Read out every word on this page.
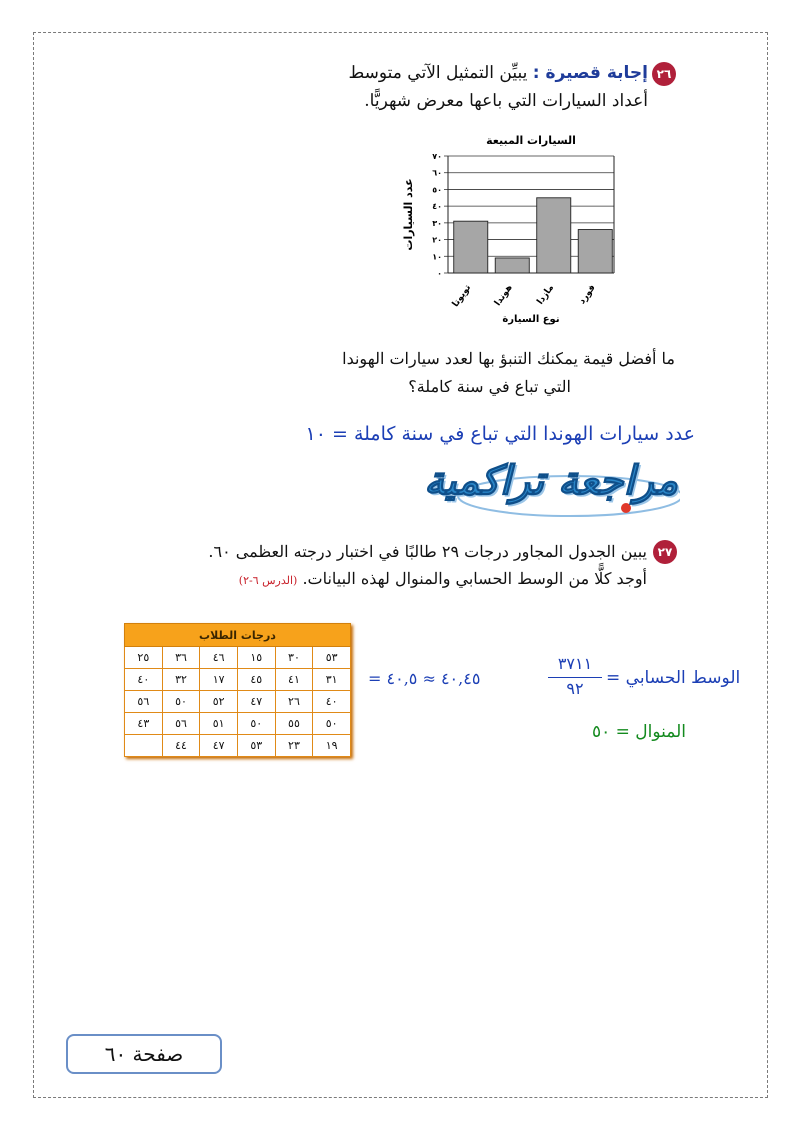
٢٦
إجابة قصيرة : يبيِّن التمثيل الآتي متوسط
أعداد السيارات التي باعها معرض شهريًّا.
السيارات المبيعة
٠
١٠
٢٠
٣٠
٤٠
٥٠
٦٠
٧٠
تويوتا هوندا مازدا فورد
نوع السيارة
عدد السيارات
ما أفضل قيمة يمكنك التنبؤ بها لعدد سيارات الهوندا
التي تباع في سنة كاملة؟
عدد سيارات الهوندا التي تباع في سنة كاملة = ١٠
مراجعة تراكمية
٢٧
يبين الجدول المجاور درجات ٢٩ طالبًا في اختبار درجته العظمى ٦٠.
أوجد كلًّا من الوسط الحسابي والمنوال لهذه البيانات. (الدرس ٦-٢)
درجات الطلاب					
٢٥	٣٦	٤٦	١٥	٣٠	٥٣
٤٠	٣٢	١٧	٤٥	٤١	٣١
٥٦	٥٠	٥٢	٤٧	٢٦	٤٠
٤٣	٥٦	٥١	٥٠	٥٥	٥٠
	٤٤	٤٧	٥٣	٢٣	١٩
= ٤٠,٤٥ ≈ ٤٠,٥
٣٧١١
٩٢
الوسط الحسابي =
المنوال = ٥٠
صفحة ٦٠
